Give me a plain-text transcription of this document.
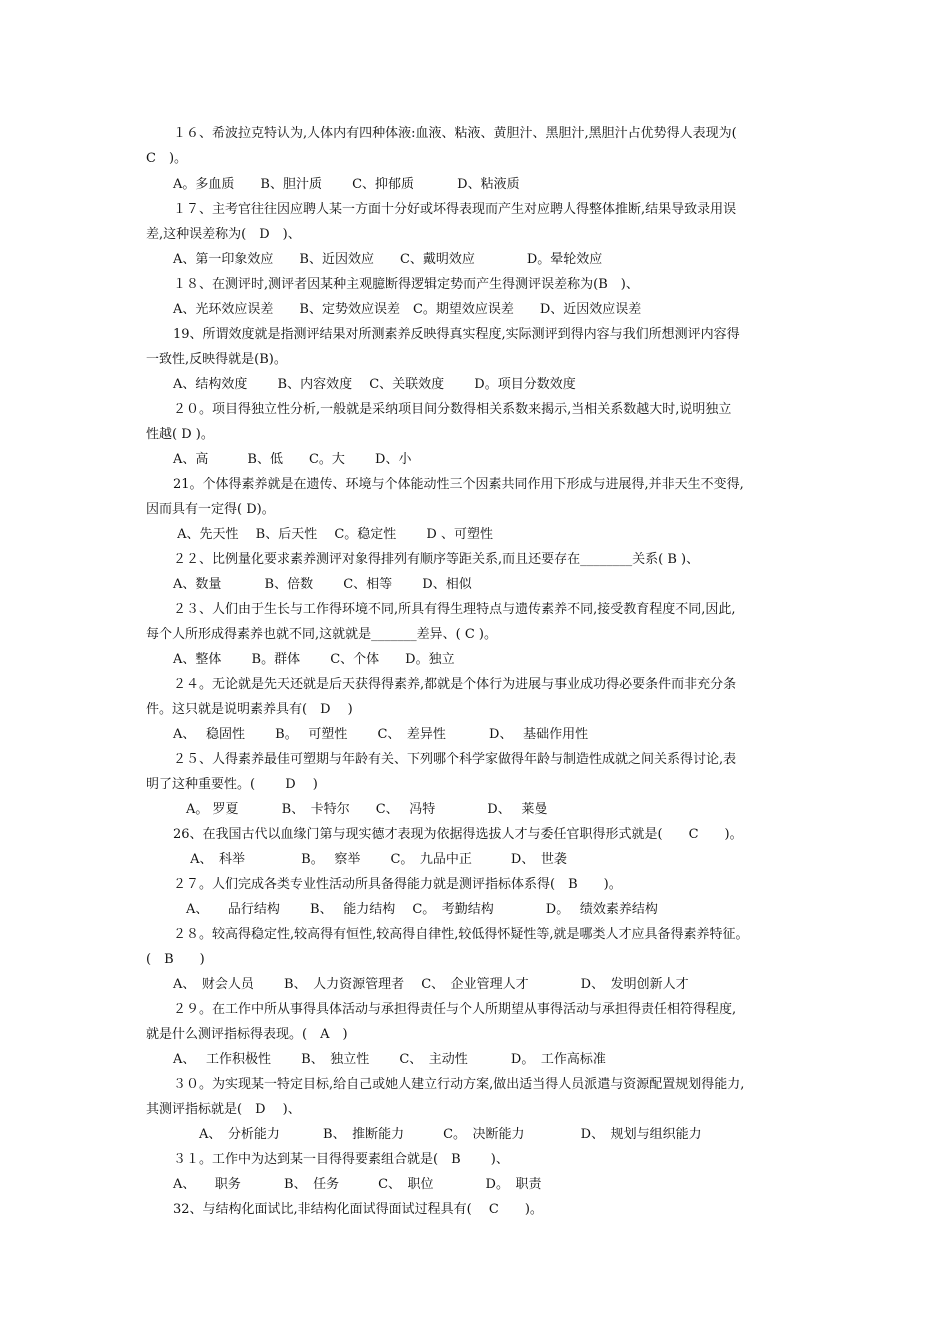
１６、希波拉克特认为,人体内有四种体液:血液、粘液、黄胆汁、黑胆汁,黑胆汁占优势得人表现为(
C　)。
A。多血质　　B、胆汁质　　 C、抑郁质　　　 D、粘液质
１７、主考官往往因应聘人某一方面十分好或坏得表现而产生对应聘人得整体推断,结果导致录用误
差,这种误差称为(　D　)、
A、第一印象效应　　B、近因效应　　C、戴明效应　　　　D。晕轮效应
１８、在测评时,测评者因某种主观臆断得逻辑定势而产生得测评误差称为(B　)、
A、光环效应误差　　B、定势效应误差　C。期望效应误差　　D、近因效应误差
19、所谓效度就是指测评结果对所测素养反映得真实程度,实际测评到得内容与我们所想测评内容得
一致性,反映得就是(B)。
A、结构效度　　 B、内容效度　 C、关联效度　　 D。项目分数效度
２０。项目得独立性分析,一般就是采纳项目间分数得相关系数来揭示,当相关系数越大时,说明独立
性越( D )。
A、高　　　B、低　　C。大　　 D、小
21。个体得素养就是在遗传、环境与个体能动性三个因素共同作用下形成与进展得,并非天生不变得,
因而具有一定得( D)。
A、先天性　 B、后天性　 C。稳定性　　 D 、可塑性
２２、比例量化要求素养测评对象得排列有顺序等距关系,而且还要存在________关系( B )、
A、数量　　　 B、倍数　　 C、相等　　 D、相似
２３、人们由于生长与工作得环境不同,所具有得生理特点与遗传素养不同,接受教育程度不同,因此,
每个人所形成得素养也就不同,这就就是_______差异、( C )。
A、整体　　 B。群体　　 C、个体　　D。独立
２４。无论就是先天还就是后天获得得素养,都就是个体行为进展与事业成功得必要条件而非充分条
件。这只就是说明素养具有(　D　 )
A、　 稳固性　　 B。　 可塑性　　 C、　差异性　　　 D、　 基础作用性
２５、人得素养最佳可塑期与年龄有关、下列哪个科学家做得年龄与制造性成就之间关系得讨论,表
明了这种重要性。(　　 D　 )
　A。 罗夏　　　 B、　卡特尔　　C、　 冯特　　　　D、　 莱曼
26、在我国古代以血缘门第与现实德才表现为依据得选拔人才与委任官职得形式就是(　　C　　)。
　A、　科举　　　　 B。　 察举　　 C。　九品中正　　　D、　世袭
２７。人们完成各类专业性活动所具备得能力就是测评指标体系得(　B　　)。
　A、　　品行结构　　 B、　 能力结构　 C。　考勤结构　　　　D。　 绩效素养结构
２８。较高得稳定性,较高得有恒性,较高得自律性,较低得怀疑性等,就是哪类人才应具备得素养特征。
(　B　　)
A、　财会人员　　 B、　人力资源管理者　 C、　企业管理人才　　　　D、　发明创新人才
２９。在工作中所从事得具体活动与承担得责任与个人所期望从事得活动与承担得责任相符得程度,
就是什么测评指标得表现。(　A　)
A、　 工作积极性　　 B、　独立性　　 C、　主动性　　　 D。　工作高标准
３０。为实现某一特定目标,给自己或她人建立行动方案,做出适当得人员派遣与资源配置规划得能力,
其测评指标就是(　D　 )、
　　A、　分析能力　　　 B、　推断能力　　　C。　决断能力　　　　 D、　规划与组织能力
３１。工作中为达到某一目得得要素组合就是(　B　　 )、
A、　　职务　　　 B、　任务　　　C、　职位　　　　D。　职责
32、与结构化面试比,非结构化面试得面试过程具有(　 C　　)。
